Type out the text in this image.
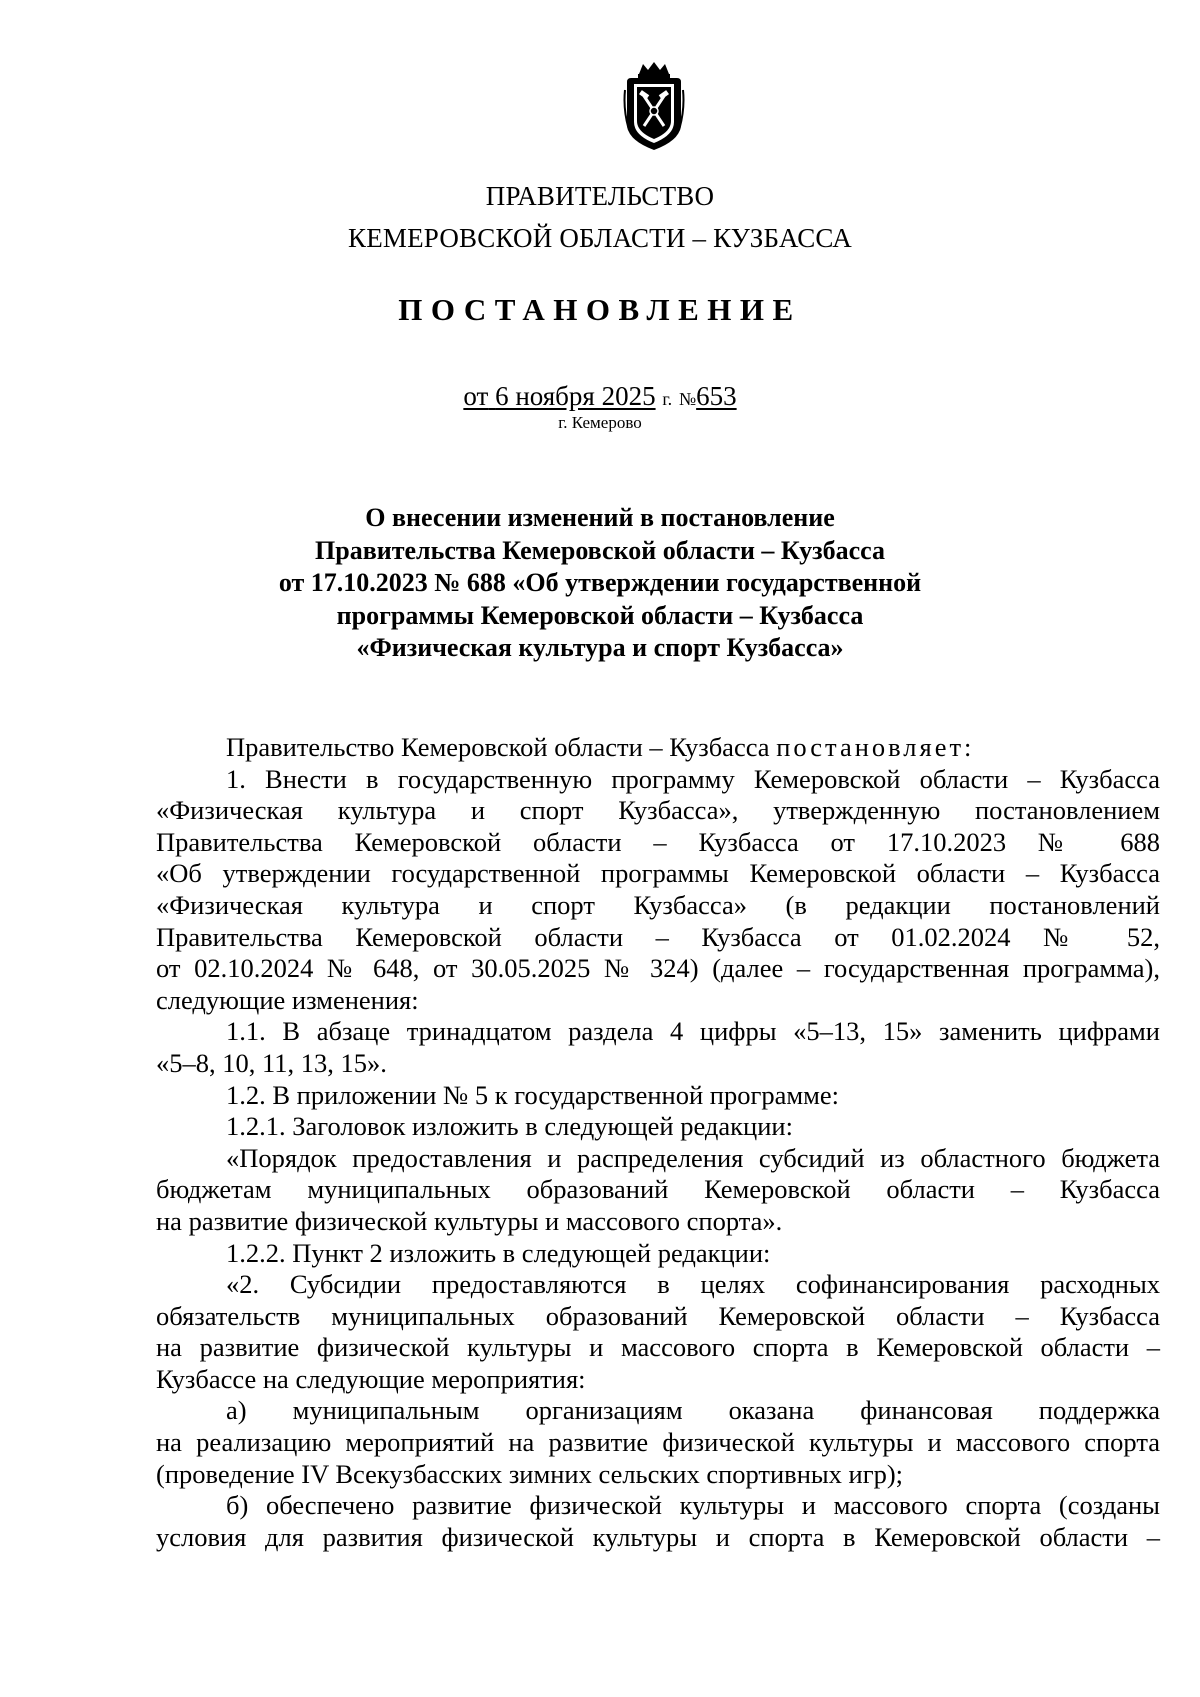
ПРАВИТЕЛЬСТВО
КЕМЕРОВСКОЙ ОБЛАСТИ – КУЗБАССА
ПОСТАНОВЛЕНИЕ
от 6 ноября 2025 г. №653
г. Кемерово
О внесении изменений в постановление
Правительства Кемеровской области – Кузбасса
от 17.10.2023 № 688 «Об утверждении государственной
программы Кемеровской области – Кузбасса
«Физическая культура и спорт Кузбасса»
Правительство Кемеровской области – Кузбасса постановляет:
1. Внести в государственную программу Кемеровской области – Кузбасса
«Физическая культура и спорт Кузбасса», утвержденную постановлением
Правительства Кемеровской области – Кузбасса от 17.10.2023 № 688
«Об утверждении государственной программы Кемеровской области – Кузбасса
«Физическая культура и спорт Кузбасса» (в редакции постановлений
Правительства Кемеровской области – Кузбасса от 01.02.2024 № 52,
от 02.10.2024 № 648, от 30.05.2025 № 324) (далее – государственная программа),
следующие изменения:
1.1. В абзаце тринадцатом раздела 4 цифры «5–13, 15» заменить цифрами
«5–8, 10, 11, 13, 15».
1.2. В приложении № 5 к государственной программе:
1.2.1. Заголовок изложить в следующей редакции:
«Порядок предоставления и распределения субсидий из областного бюджета
бюджетам муниципальных образований Кемеровской области – Кузбасса
на развитие физической культуры и массового спорта».
1.2.2. Пункт 2 изложить в следующей редакции:
«2. Субсидии предоставляются в целях софинансирования расходных
обязательств муниципальных образований Кемеровской области – Кузбасса
на развитие физической культуры и массового спорта в Кемеровской области –
Кузбассе на следующие мероприятия:
а) муниципальным организациям оказана финансовая поддержка
на реализацию мероприятий на развитие физической культуры и массового спорта
(проведение IV Всекузбасских зимних сельских спортивных игр);
б) обеспечено развитие физической культуры и массового спорта (созданы
условия для развития физической культуры и спорта в Кемеровской области –
